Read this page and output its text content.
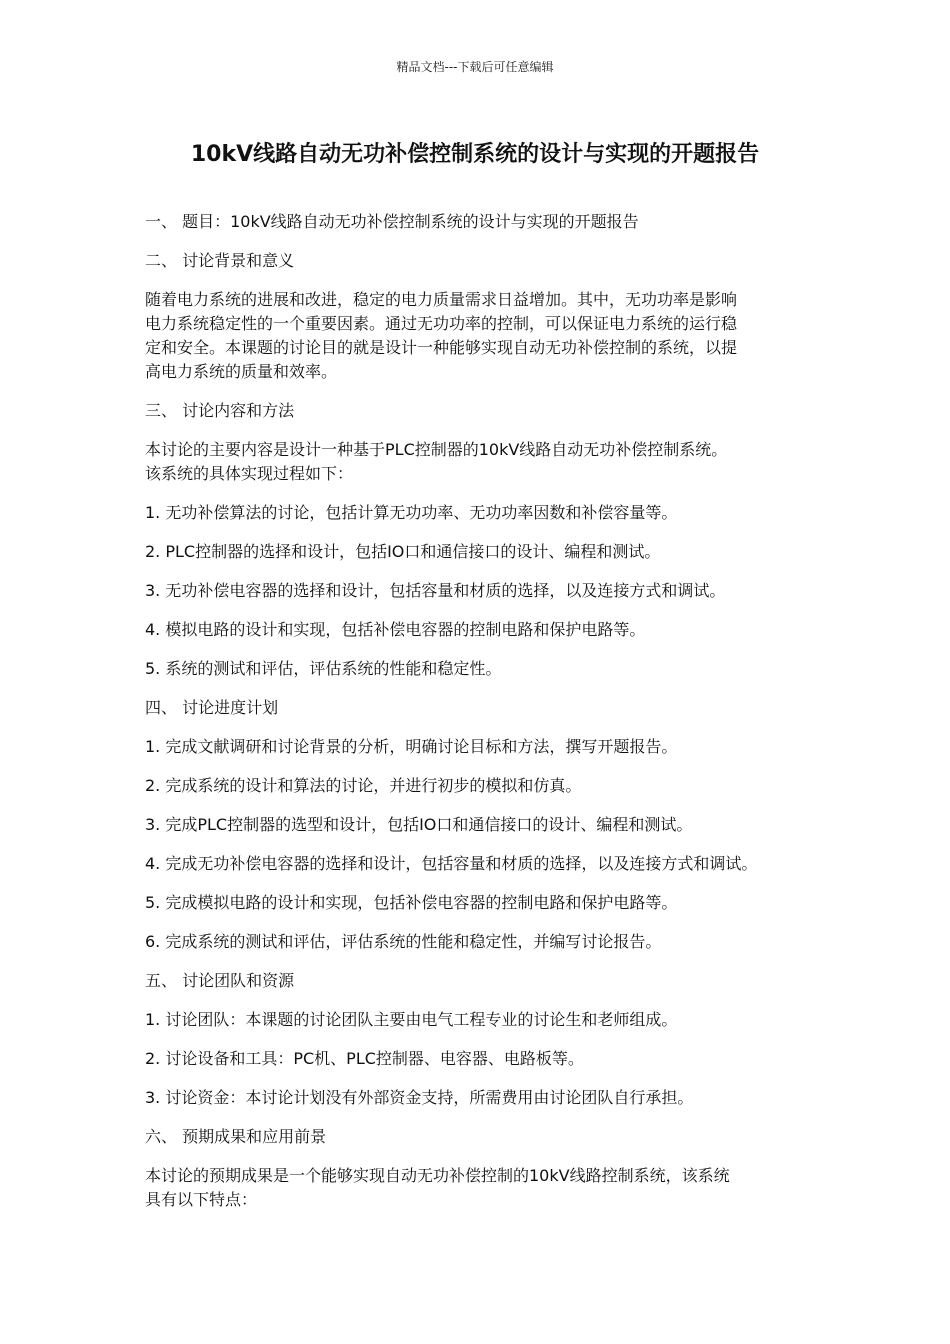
精品文档---下载后可任意编辑
10kV线路自动无功补偿控制系统的设计与实现的开题报告
一、 题目：10kV线路自动无功补偿控制系统的设计与实现的开题报告
二、 讨论背景和意义
随着电力系统的进展和改进，稳定的电力质量需求日益增加。其中，无功功率是影响
电力系统稳定性的一个重要因素。通过无功功率的控制，可以保证电力系统的运行稳
定和安全。本课题的讨论目的就是设计一种能够实现自动无功补偿控制的系统，以提
高电力系统的质量和效率。
三、 讨论内容和方法
本讨论的主要内容是设计一种基于PLC控制器的10kV线路自动无功补偿控制系统。
该系统的具体实现过程如下：
1. 无功补偿算法的讨论，包括计算无功功率、无功功率因数和补偿容量等。
2. PLC控制器的选择和设计，包括IO口和通信接口的设计、编程和测试。
3. 无功补偿电容器的选择和设计，包括容量和材质的选择，以及连接方式和调试。
4. 模拟电路的设计和实现，包括补偿电容器的控制电路和保护电路等。
5. 系统的测试和评估，评估系统的性能和稳定性。
四、 讨论进度计划
1. 完成文献调研和讨论背景的分析，明确讨论目标和方法，撰写开题报告。
2. 完成系统的设计和算法的讨论，并进行初步的模拟和仿真。
3. 完成PLC控制器的选型和设计，包括IO口和通信接口的设计、编程和测试。
4. 完成无功补偿电容器的选择和设计，包括容量和材质的选择，以及连接方式和调试。
5. 完成模拟电路的设计和实现，包括补偿电容器的控制电路和保护电路等。
6. 完成系统的测试和评估，评估系统的性能和稳定性，并编写讨论报告。
五、 讨论团队和资源
1. 讨论团队：本课题的讨论团队主要由电气工程专业的讨论生和老师组成。
2. 讨论设备和工具：PC机、PLC控制器、电容器、电路板等。
3. 讨论资金：本讨论计划没有外部资金支持，所需费用由讨论团队自行承担。
六、 预期成果和应用前景
本讨论的预期成果是一个能够实现自动无功补偿控制的10kV线路控制系统，该系统
具有以下特点：
